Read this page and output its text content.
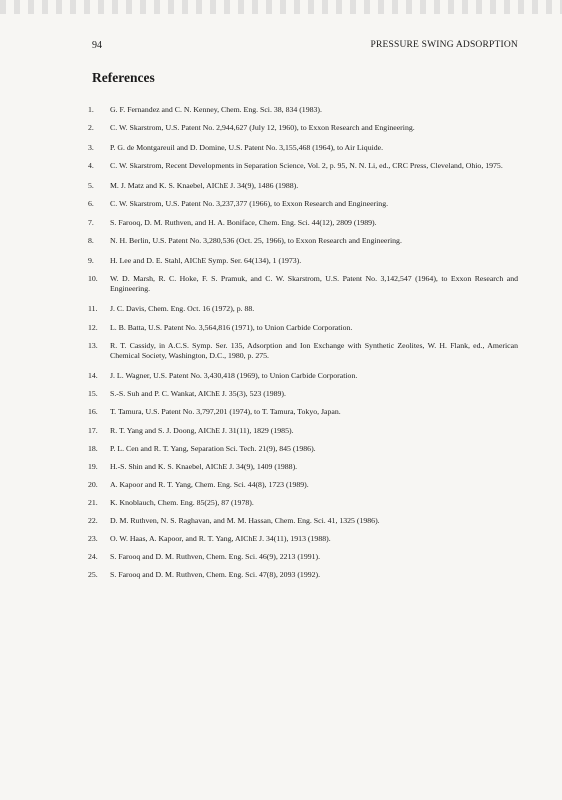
94	PRESSURE SWING ADSORPTION
References
1.	G. F. Fernandez and C. N. Kenney, Chem. Eng. Sci. 38, 834 (1983).
2.	C. W. Skarstrom, U.S. Patent No. 2,944,627 (July 12, 1960), to Exxon Research and Engineering.
3.	P. G. de Montgareuil and D. Domine, U.S. Patent No. 3,155,468 (1964), to Air Liquide.
4.	C. W. Skarstrom, Recent Developments in Separation Science, Vol. 2, p. 95, N. N. Li, ed., CRC Press, Cleveland, Ohio, 1975.
5.	M. J. Matz and K. S. Knaebel, AIChE J. 34(9), 1486 (1988).
6.	C. W. Skarstrom, U.S. Patent No. 3,237,377 (1966), to Exxon Research and Engineering.
7.	S. Farooq, D. M. Ruthven, and H. A. Boniface, Chem. Eng. Sci. 44(12), 2809 (1989).
8.	N. H. Berlin, U.S. Patent No. 3,280,536 (Oct. 25, 1966), to Exxon Research and Engineering.
9.	H. Lee and D. E. Stahl, AIChE Symp. Ser. 64(134), 1 (1973).
10.	W. D. Marsh, R. C. Hoke, F. S. Pramuk, and C. W. Skarstrom, U.S. Patent No. 3,142,547 (1964), to Exxon Research and Engineering.
11.	J. C. Davis, Chem. Eng. Oct. 16 (1972), p. 88.
12.	L. B. Batta, U.S. Patent No. 3,564,816 (1971), to Union Carbide Corporation.
13.	R. T. Cassidy, in A.C.S. Symp. Ser. 135, Adsorption and Ion Exchange with Synthetic Zeolites, W. H. Flank, ed., American Chemical Society, Washington, D.C., 1980, p. 275.
14.	J. L. Wagner, U.S. Patent No. 3,430,418 (1969), to Union Carbide Corporation.
15.	S.-S. Suh and P. C. Wankat, AIChE J. 35(3), 523 (1989).
16.	T. Tamura, U.S. Patent No. 3,797,201 (1974), to T. Tamura, Tokyo, Japan.
17.	R. T. Yang and S. J. Doong, AIChE J. 31(11), 1829 (1985).
18.	P. L. Cen and R. T. Yang, Separation Sci. Tech. 21(9), 845 (1986).
19.	H.-S. Shin and K. S. Knaebel, AIChE J. 34(9), 1409 (1988).
20.	A. Kapoor and R. T. Yang, Chem. Eng. Sci. 44(8), 1723 (1989).
21.	K. Knoblauch, Chem. Eng. 85(25), 87 (1978).
22.	D. M. Ruthven, N. S. Raghavan, and M. M. Hassan, Chem. Eng. Sci. 41, 1325 (1986).
23.	O. W. Haas, A. Kapoor, and R. T. Yang, AIChE J. 34(11), 1913 (1988).
24.	S. Farooq and D. M. Ruthven, Chem. Eng. Sci. 46(9), 2213 (1991).
25.	S. Farooq and D. M. Ruthven, Chem. Eng. Sci. 47(8), 2093 (1992).
